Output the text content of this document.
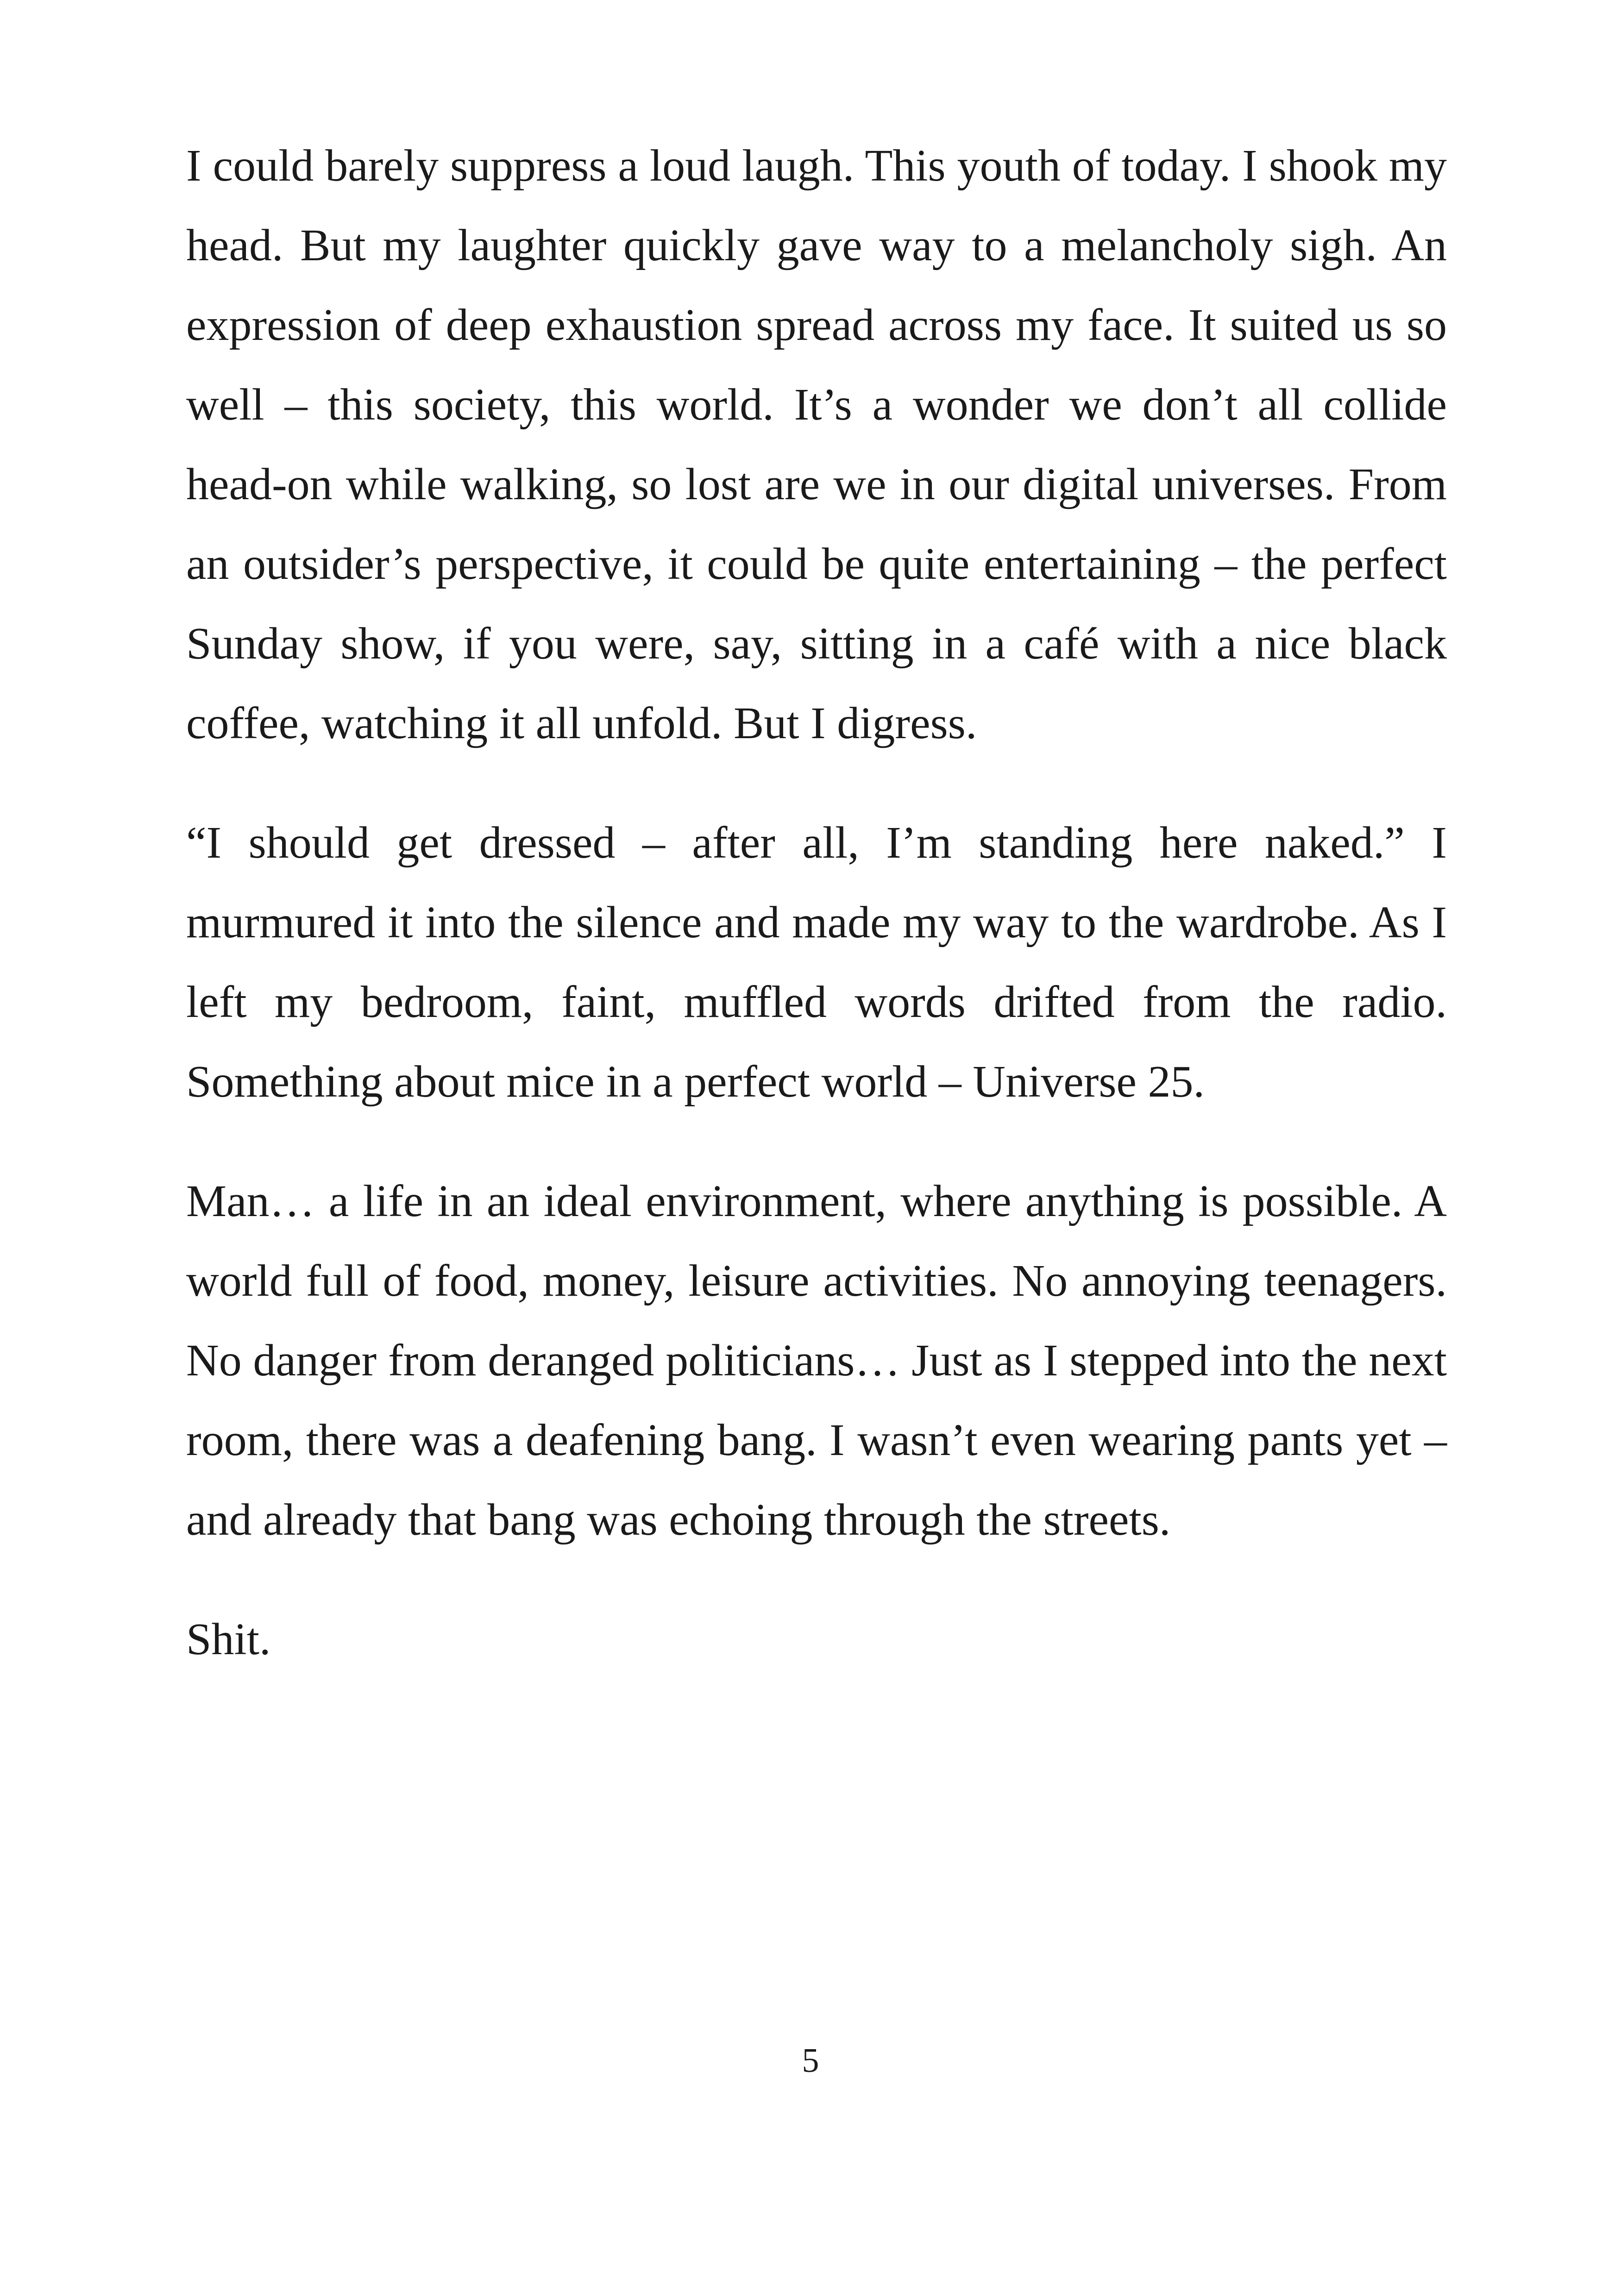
I could barely suppress a loud laugh. This youth of today. I shook my head. But my laughter quickly gave way to a melancholy sigh. An expression of deep exhaustion spread across my face. It suited us so well – this society, this world. It’s a wonder we don’t all collide head-on while walking, so lost are we in our digital universes. From an outsider’s perspective, it could be quite entertaining – the perfect Sunday show, if you were, say, sitting in a café with a nice black coffee, watching it all unfold. But I digress.

“I should get dressed – after all, I’m standing here naked.” I murmured it into the silence and made my way to the wardrobe. As I left my bedroom, faint, muffled words drifted from the radio. Something about mice in a perfect world – Universe 25.

Man… a life in an ideal environment, where anything is possible. A world full of food, money, leisure activities. No annoying teenagers. No danger from deranged politicians… Just as I stepped into the next room, there was a deafening bang. I wasn’t even wearing pants yet – and already that bang was echoing through the streets.

Shit.

5
